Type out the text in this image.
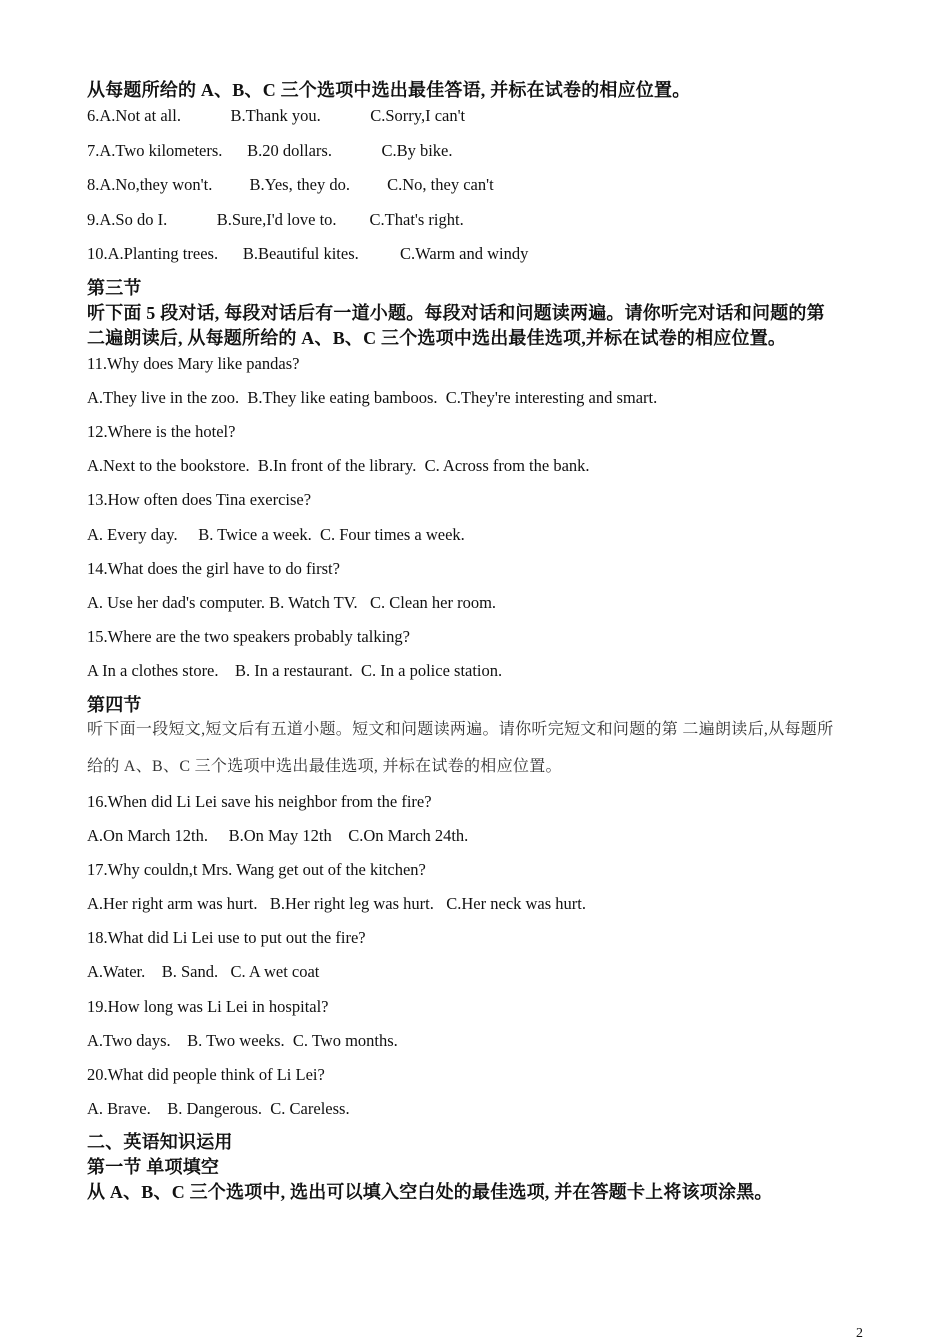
从每题所给的 A、B、C 三个选项中选出最佳答语, 并标在试卷的相应位置。
6.A.Not at all.            B.Thank you.            C.Sorry,I can't
7.A.Two kilometers.      B.20 dollars.            C.By bike.
8.A.No,they won't.         B.Yes, they do.         C.No, they can't
9.A.So do I.            B.Sure,I'd love to.        C.That's right.
10.A.Planting trees.      B.Beautiful kites.          C.Warm and windy
第三节
听下面 5 段对话, 每段对话后有一道小题。每段对话和问题读两遍。请你听完对话和问题的第
二遍朗读后, 从每题所给的 A、B、C 三个选项中选出最佳选项,并标在试卷的相应位置。
11.Why does Mary like pandas?
A.They live in the zoo.  B.They like eating bamboos.  C.They're interesting and smart.
12.Where is the hotel?
A.Next to the bookstore.  B.In front of the library.  C. Across from the bank.
13.How often does Tina exercise?
A. Every day.     B. Twice a week.  C. Four times a week.
14.What does the girl have to do first?
A. Use her dad's computer. B. Watch TV.   C. Clean her room.
15.Where are the two speakers probably talking?
A In a clothes store.    B. In a restaurant.  C. In a police station.
第四节
听下面一段短文,短文后有五道小题。短文和问题读两遍。请你听完短文和问题的第 二遍朗读后,从每题所
给的 A、B、C 三个选项中选出最佳选项, 并标在试卷的相应位置。
16.When did Li Lei save his neighbor from the fire?
A.On March 12th.     B.On May 12th    C.On March 24th.
17.Why couldn,t Mrs. Wang get out of the kitchen?
A.Her right arm was hurt.   B.Her right leg was hurt.   C.Her neck was hurt.
18.What did Li Lei use to put out the fire?
A.Water.    B. Sand.   C. A wet coat
19.How long was Li Lei in hospital?
A.Two days.    B. Two weeks.  C. Two months.
20.What did people think of Li Lei?
A. Brave.    B. Dangerous.  C. Careless.
二、英语知识运用
第一节 单项填空
从 A、B、C 三个选项中, 选出可以填入空白处的最佳选项, 并在答题卡上将该项涂黑。
2
